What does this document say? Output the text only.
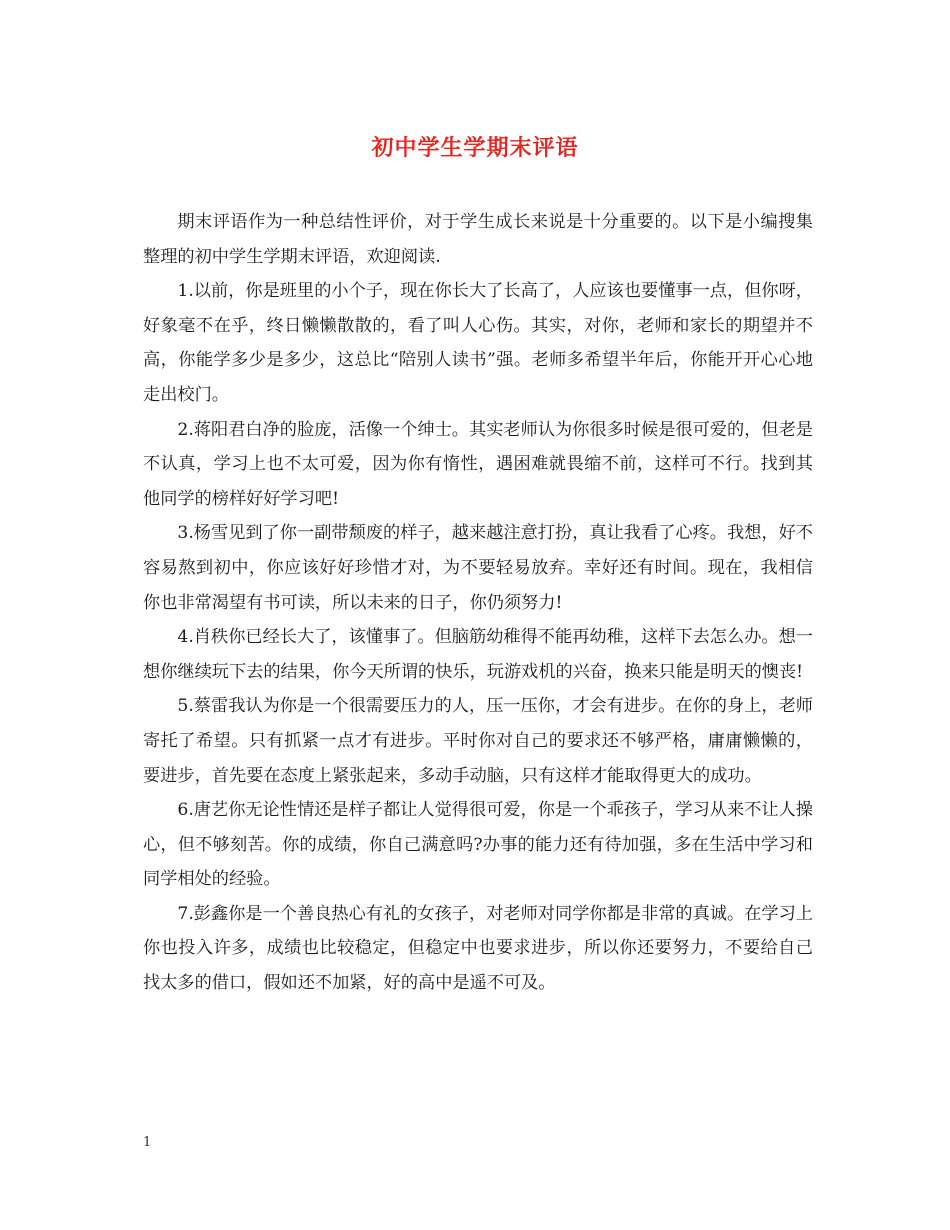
初中学生学期末评语

期末评语作为一种总结性评价，对于学生成长来说是十分重要的。以下是小编搜集整理的初中学生学期末评语，欢迎阅读.

1.以前，你是班里的小个子，现在你长大了长高了，人应该也要懂事一点，但你呀，好象毫不在乎，终日懒懒散散的，看了叫人心伤。其实，对你，老师和家长的期望并不高，你能学多少是多少，这总比“陪别人读书”强。老师多希望半年后，你能开开心心地走出校门。

2.蒋阳君白净的脸庞，活像一个绅士。其实老师认为你很多时候是很可爱的，但老是不认真，学习上也不太可爱，因为你有惰性，遇困难就畏缩不前，这样可不行。找到其他同学的榜样好好学习吧!

3.杨雪见到了你一副带颓废的样子，越来越注意打扮，真让我看了心疼。我想，好不容易熬到初中，你应该好好珍惜才对，为不要轻易放弃。幸好还有时间。现在，我相信你也非常渴望有书可读，所以未来的日子，你仍须努力!

4.肖秩你已经长大了，该懂事了。但脑筋幼稚得不能再幼稚，这样下去怎么办。想一想你继续玩下去的结果，你今天所谓的快乐，玩游戏机的兴奋，换来只能是明天的懊丧!

5.蔡雷我认为你是一个很需要压力的人，压一压你，才会有进步。在你的身上，老师寄托了希望。只有抓紧一点才有进步。平时你对自己的要求还不够严格，庸庸懒懒的，要进步，首先要在态度上紧张起来，多动手动脑，只有这样才能取得更大的成功。

6.唐艺你无论性情还是样子都让人觉得很可爱，你是一个乖孩子，学习从来不让人操心，但不够刻苦。你的成绩，你自己满意吗?办事的能力还有待加强，多在生活中学习和同学相处的经验。

7.彭鑫你是一个善良热心有礼的女孩子，对老师对同学你都是非常的真诚。在学习上你也投入许多，成绩也比较稳定，但稳定中也要求进步，所以你还要努力，不要给自己找太多的借口，假如还不加紧，好的高中是遥不可及。

1
